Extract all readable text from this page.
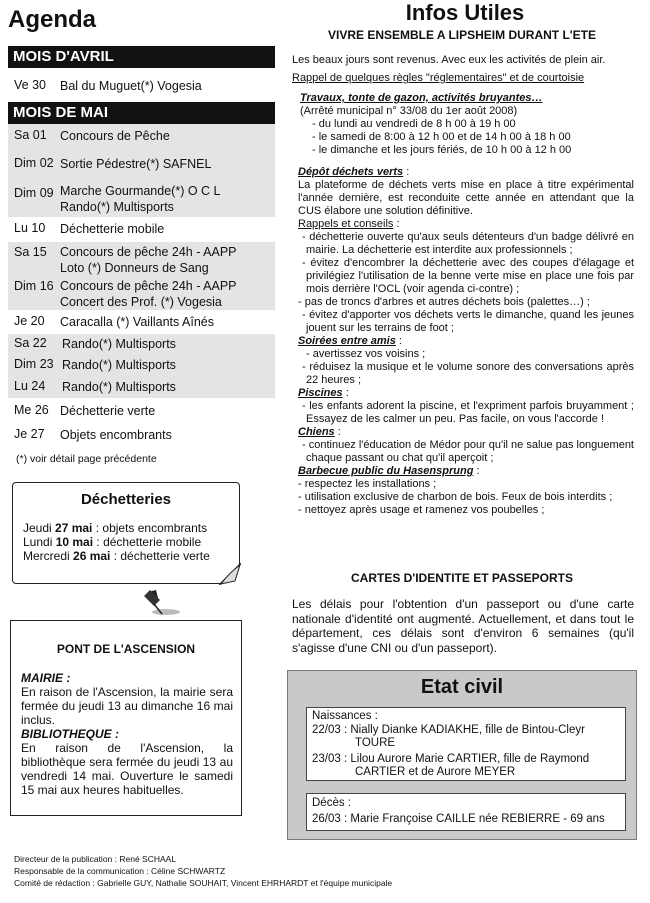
Agenda
MOIS D'AVRIL
Ve 30 Bal du Muguet(*) Vogesia
MOIS DE MAI
Sa 01 Concours de Pêche
Dim 02 Sortie Pédestre(*) SAFNEL
Dim 09 Marche Gourmande(*) O C L
Rando(*) Multisports
Lu 10 Déchetterie mobile
Sa 15 Concours de pêche 24h - AAPP
Loto (*) Donneurs de Sang
Dim 16 Concours de pêche 24h - AAPP
Concert des Prof. (*) Vogesia
Je 20 Caracalla (*) Vaillants Aînés
Sa 22 Rando(*) Multisports
Dim 23 Rando(*) Multisports
Lu 24 Rando(*) Multisports
Me 26 Déchetterie verte
Je 27 Objets encombrants
(*) voir détail page précédente
Déchetteries
Jeudi 27 mai : objets encombrants
Lundi 10 mai : déchetterie mobile
Mercredi 26 mai : déchetterie verte
PONT DE L'ASCENSION
MAIRIE :
En raison de l'Ascension, la mairie sera fermée du jeudi 13 au dimanche 16 mai inclus.
BIBLIOTHEQUE :
En raison de l'Ascension, la bibliothèque sera fermée du jeudi 13 au vendredi 14 mai. Ouverture le samedi 15 mai aux heures habituelles.
Infos Utiles
VIVRE ENSEMBLE A LIPSHEIM DURANT L'ETE
Les beaux jours sont revenus. Avec eux les activités de plein air.
Rappel de quelques règles "réglementaires" et de courtoisie
Travaux, tonte de gazon, activités bruyantes…
(Arrêté municipal n° 33/08 du 1er août 2008)
- du lundi au vendredi de 8 h 00 à 19 h 00
- le samedi de 8:00 à 12 h 00 et de 14 h 00 à 18 h 00
- le dimanche et les jours fériés, de 10 h 00 à 12 h 00
Dépôt déchets verts :
La plateforme de déchets verts mise en place à titre expérimental l'année dernière, est reconduite cette année en attendant que la CUS élabore une solution définitive.
Rappels et conseils :
- déchetterie ouverte qu'aux seuls détenteurs d'un badge délivré en mairie. La déchetterie est interdite aux professionnels ;
- évitez d'encombrer la déchetterie avec des coupes d'élagage et privilégiez l'utilisation de la benne verte mise en place une fois par mois derrière l'OCL (voir agenda ci-contre) ;
- pas de troncs d'arbres et autres déchets bois (palettes…) ;
- évitez d'apporter vos déchets verts le dimanche, quand les jeunes jouent sur les terrains de foot ;
Soirées entre amis :
- avertissez vos voisins ;
- réduisez la musique et le volume sonore des conversations après 22 heures ;
Piscines :
- les enfants adorent la piscine, et l'expriment parfois bruyamment ; Essayez de les calmer un peu. Pas facile, on vous l'accorde !
Chiens :
- continuez l'éducation de Médor pour qu'il ne salue pas longuement chaque passant ou chat qu'il aperçoit ;
Barbecue public du Hasensprung :
- respectez les installations ;
- utilisation exclusive de charbon de bois. Feux de bois interdits ;
- nettoyez après usage et ramenez vos poubelles ;
CARTES D'IDENTITE ET PASSEPORTS
Les délais pour l'obtention d'un passeport ou d'une carte nationale d'identité ont augmenté. Actuellement, et dans tout le département, ces délais sont d'environ 6 semaines (qu'il s'agisse d'une CNI ou d'un passeport).
Etat civil
Naissances :
22/03 : Nially Dianke KADIAKHE, fille de Bintou-Cleyr
TOURE
23/03 : Lilou Aurore Marie CARTIER, fille de Raymond
CARTIER et de Aurore MEYER
Décès :
26/03 : Marie Françoise CAILLE née REBIERRE - 69 ans
Directeur de la publication : René SCHAAL
Responsable de la communication : Céline SCHWARTZ
Comité de rédaction : Gabrielle GUY, Nathalie SOUHAIT, Vincent EHRHARDT et l'équipe municipale
